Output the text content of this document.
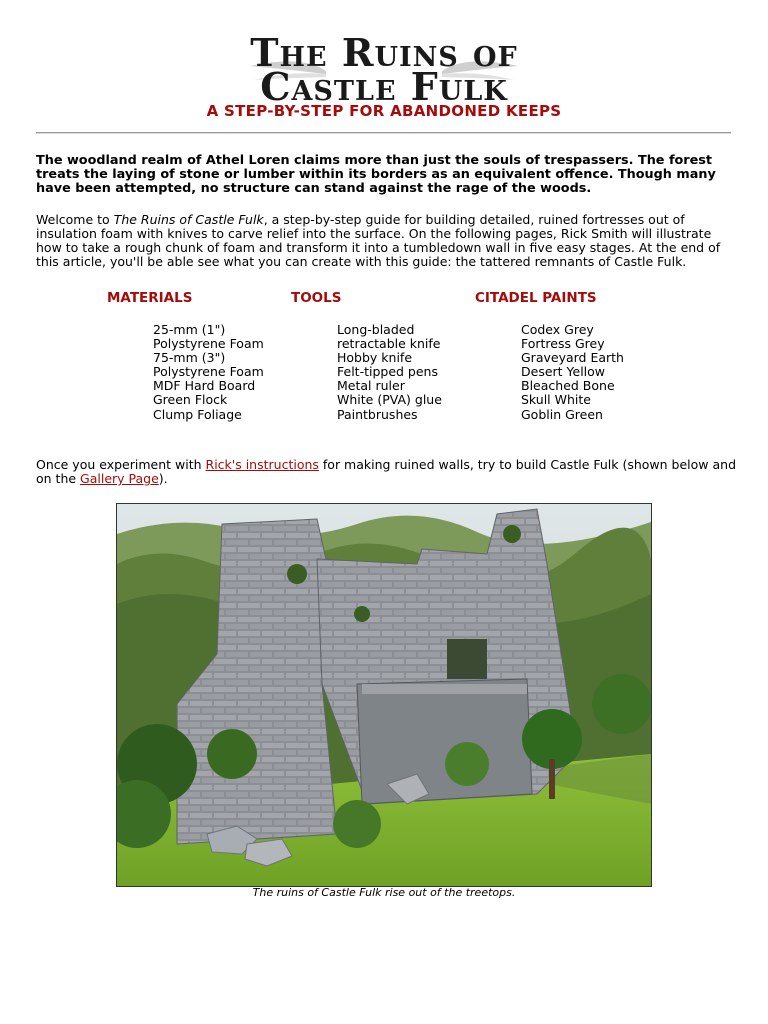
The Ruins of
Castle Fulk
A STEP-BY-STEP FOR ABANDONED KEEPS
The woodland realm of Athel Loren claims more than just the souls of trespassers. The forest treats the laying of stone or lumber within its borders as an equivalent offence. Though many have been attempted, no structure can stand against the rage of the woods.
Welcome to The Ruins of Castle Fulk, a step-by-step guide for building detailed, ruined fortresses out of insulation foam with knives to carve relief into the surface. On the following pages, Rick Smith will illustrate how to take a rough chunk of foam and transform it into a tumbledown wall in five easy stages. At the end of this article, you'll be able see what you can create with this guide: the tattered remnants of Castle Fulk.
MATERIALS	TOOLS	CITADEL PAINTS
25-mm (1")
Polystyrene Foam
75-mm (3")
Polystyrene Foam
MDF Hard Board
Green Flock
Clump Foliage
Long-bladed
retractable knife
Hobby knife
Felt-tipped pens
Metal ruler
White (PVA) glue
Paintbrushes
Codex Grey
Fortress Grey
Graveyard Earth
Desert Yellow
Bleached Bone
Skull White
Goblin Green
Once you experiment with Rick's instructions for making ruined walls, try to build Castle Fulk (shown below and on the Gallery Page).
The ruins of Castle Fulk rise out of the treetops.
